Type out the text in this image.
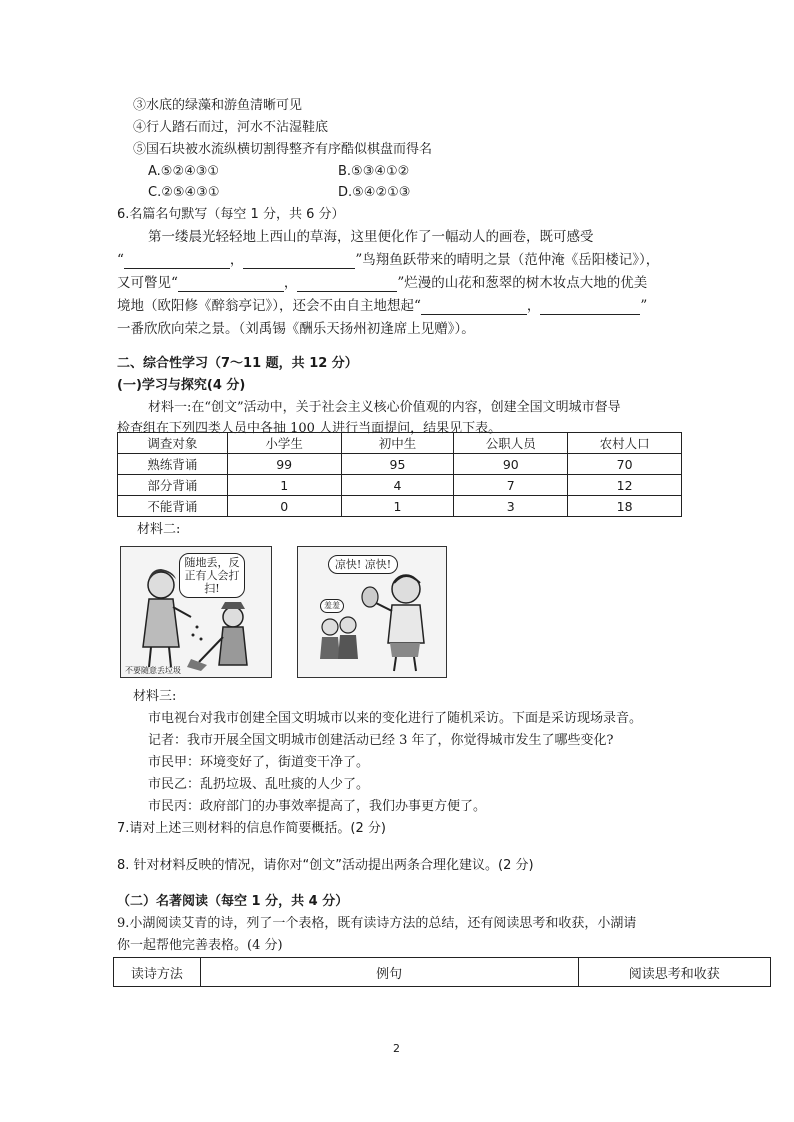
③水底的绿藻和游鱼清晰可见
④行人踏石而过，河水不沾湿鞋底
⑤国石块被水流纵横切割得整齐有序酷似棋盘而得名
A.⑤②④③①	B.⑤③④①②
C.②⑤④③①	D.⑤④②①③
6.名篇名句默写（每空 1 分，共 6 分）
第一缕晨光轻轻地上西山的草海，这里便化作了一幅动人的画卷，既可感受
“	，	”鸟翔鱼跃带来的晴明之景（范仲淹《岳阳楼记》），
又可瞥见“	，	”烂漫的山花和葱翠的树木妆点大地的优美
境地（欧阳修《醉翁亭记》），还会不由自主地想起“	，	”
一番欣欣向荣之景。（刘禹锡《酬乐天扬州初逢席上见赠》）。
二、综合性学习（7～11 题，共 12 分）
(一)学习与探究(4 分)
材料一:在“创文”活动中，关于社会主义核心价值观的内容，创建全国文明城市督导
检查组在下列四类人员中各抽 100 人进行当面提问，结果见下表。
调查对象	小学生	初中生	公职人员	农村人口
熟练背诵	99	95	90	70
部分背诵	1	4	7	12
不能背诵	0	1	3	18
材料二:
随地丢，反正有人会打扫!
不要随意丢垃圾
凉快! 凉快!
羞羞
材料三:
市电视台对我市创建全国文明城市以来的变化进行了随机采访。下面是采访现场录音。
记者：我市开展全国文明城市创建活动已经 3 年了，你觉得城市发生了哪些变化?
市民甲：环境变好了，街道变干净了。
市民乙：乱扔垃圾、乱吐痰的人少了。
市民丙：政府部门的办事效率提高了，我们办事更方便了。
7.请对上述三则材料的信息作简要概括。(2 分)
8. 针对材料反映的情况，请你对“创文”活动提出两条合理化建议。(2 分)
（二）名著阅读（每空 1 分，共 4 分）
9.小湖阅读艾青的诗，列了一个表格，既有读诗方法的总结，还有阅读思考和收获，小湖请
你一起帮他完善表格。(4 分)
读诗方法	例句	阅读思考和收获
2
